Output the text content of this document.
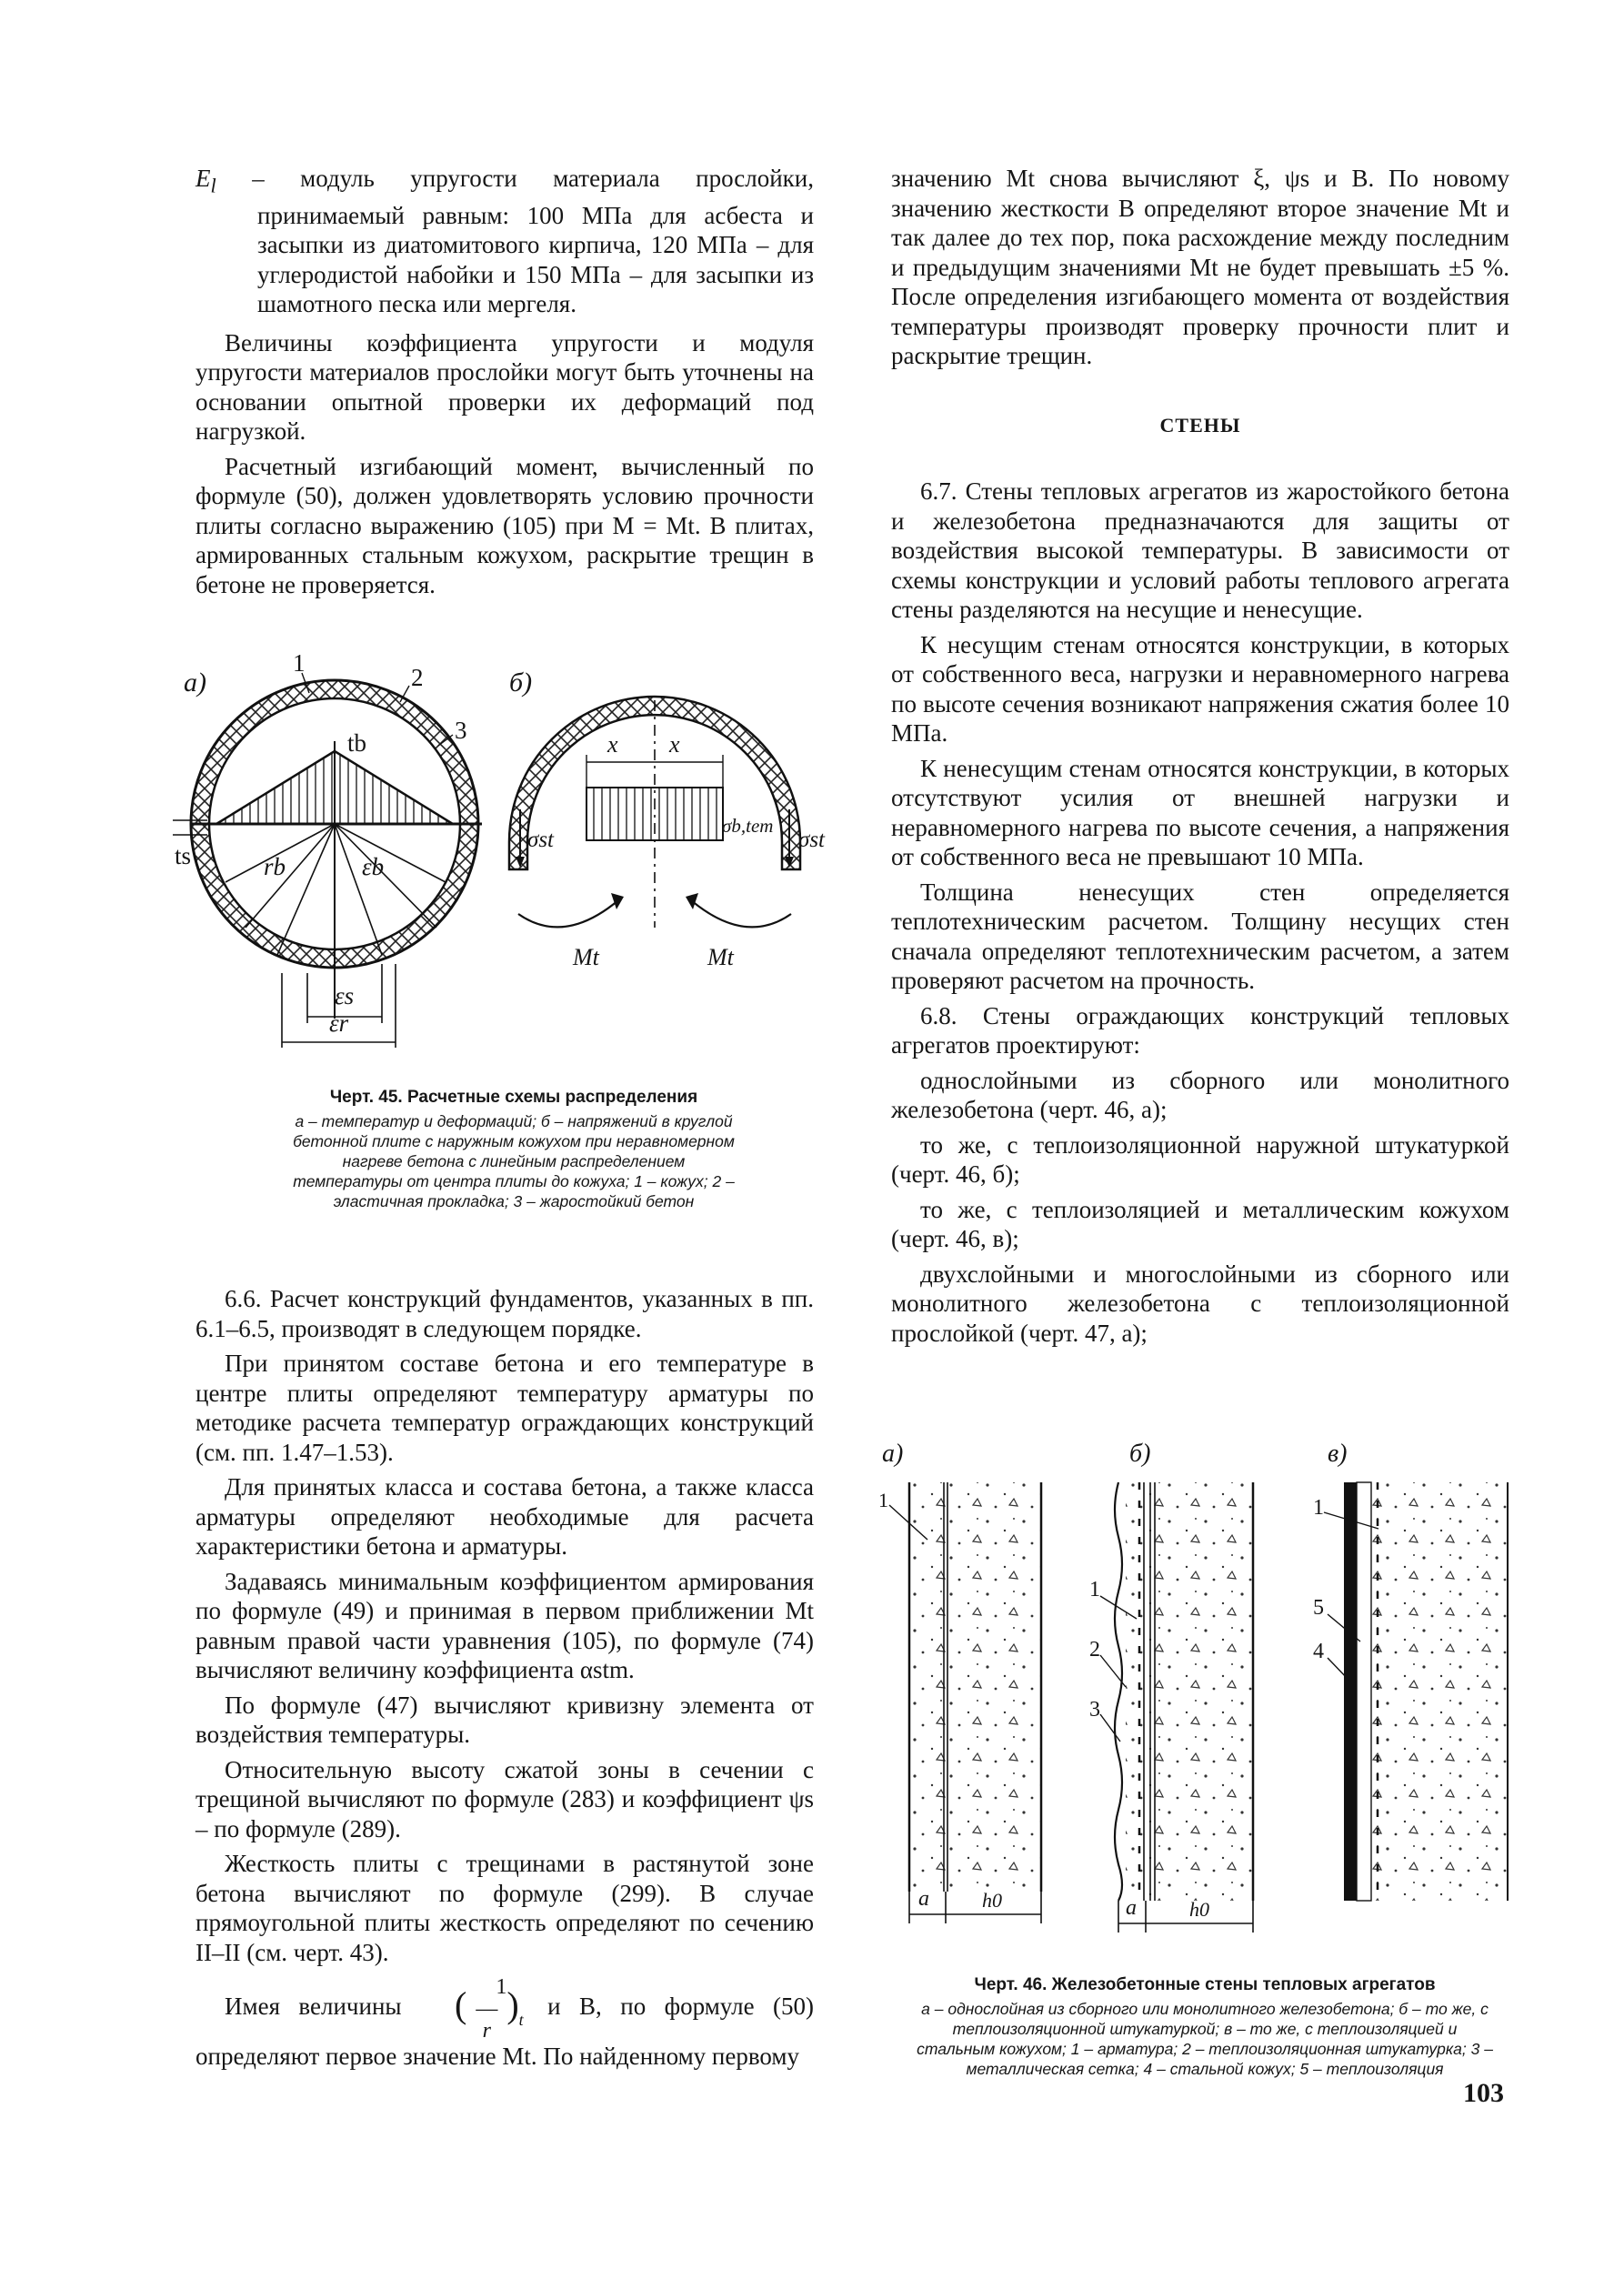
$E_l$ – модуль упругости материала прослойки, принимаемый равным: 100 МПа для асбеста и засыпки из диатомитового кирпича, 120 МПа – для углеродистой набойки и 150 МПа – для засыпки из шамотного песка или мергеля.

Величины коэффициента упругости и модуля упругости материалов прослойки могут быть уточнены на основании опытной проверки их деформаций под нагрузкой.

Расчетный изгибающий момент, вычисленный по формуле (50), должен удовлетворять условию прочности плиты согласно выражению (105) при M = Mt. В плитах, армированных стальным кожухом, раскрытие трещин в бетоне не проверяется.

а)	б)
1
2
3
tb
ts	rb	εb
εs
εr
x x
σst	σst
σb,tem
Mt	Mt
Черт. 45. Расчетные схемы распределения
а – температур и деформаций; б – напряжений в круглой бетонной плите с наружным кожухом при неравномерном нагреве бетона с линейным распределением температуры от центра плиты до кожуха; 1 – кожух; 2 – эластичная прокладка; 3 – жаростойкий бетон

6.6. Расчет конструкций фундаментов, указанных в пп. 6.1–6.5, производят в следующем порядке.

При принятом составе бетона и его температуре в центре плиты определяют температуру арматуры по методике расчета температур ограждающих конструкций (см. пп. 1.47–1.53).

Для принятых класса и состава бетона, а также класса арматуры определяют необходимые для расчета характеристики бетона и арматуры.

Задаваясь минимальным коэффициентом армирования по формуле (49) и принимая в первом приближении Mt равным правой части уравнения (105), по формуле (74) вычисляют величину коэффициента αstm.

По формуле (47) вычисляют кривизну элемента от воздействия температуры.

Относительную высоту сжатой зоны в сечении с трещиной вычисляют по формуле (283) и коэффициент ψs – по формуле (289).

Жесткость плиты с трещинами в растянутой зоне бетона вычисляют по формуле (299). В случае прямоугольной плиты жесткость определяют по сечению II–II (см. черт. 43).

Имея величины ( 1
—
$r)_t$ и B, по формуле (50) определяют первое значение Mt. По найденному первому

значению Mt снова вычисляют ξ, ψs и B. По новому значению жесткости B определяют второе значение Mt и так далее до тех пор, пока расхождение между последним и предыдущим значениями Mt не будет превышать ±5 %. После определения изгибающего момента от воздействия температуры производят проверку прочности плит и раскрытие трещин.

СТЕНЫ

6.7. Стены тепловых агрегатов из жаростойкого бетона и железобетона предназначаются для защиты от воздействия высокой температуры. В зависимости от схемы конструкции и условий работы теплового агрегата стены разделяются на несущие и ненесущие.

К несущим стенам относятся конструкции, в которых от собственного веса, нагрузки и неравномерного нагрева по высоте сечения возникают напряжения сжатия более 10 МПа.

К ненесущим стенам относятся конструкции, в которых отсутствуют усилия от внешней нагрузки и неравномерного нагрева по высоте сечения, а напряжения от собственного веса не превышают 10 МПа.

Толщина ненесущих стен определяется теплотехническим расчетом. Толщину несущих стен сначала определяют теплотехническим расчетом, а затем проверяют расчетом на прочность.

6.8. Стены ограждающих конструкций тепловых агрегатов проектируют:

однослойными из сборного или монолитного железобетона (черт. 46, а);

то же, с теплоизоляционной наружной штукатуркой (черт. 46, б);

то же, с теплоизоляцией и металлическим кожухом (черт. 46, в);

двухслойными и многослойными из сборного или монолитного железобетона с теплоизоляционной прослойкой (черт. 47, а);

а)	б)	в)
1
1
2
3
1
5
4
a	h0	a	h0
Черт. 46. Железобетонные стены тепловых агрегатов
а – однослойная из сборного или монолитного железобетона; б – то же, с теплоизоляционной штукатуркой; в – то же, с теплоизоляцией и стальным кожухом; 1 – арматура; 2 – теплоизоляционная штукатурка; 3 – металлическая сетка; 4 – стальной кожух; 5 – теплоизоляция
103
